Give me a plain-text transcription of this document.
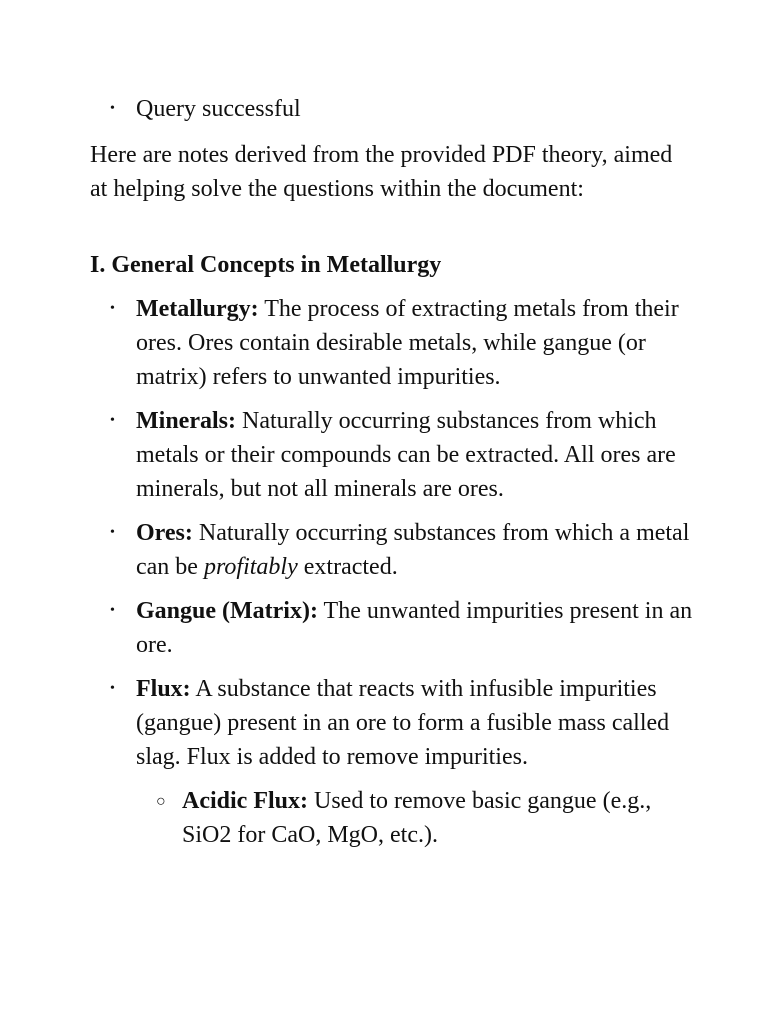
• Query successful

Here are notes derived from the provided PDF theory, aimed at helping solve the questions within the document:

I. General Concepts in Metallurgy
• Metallurgy: The process of extracting metals from their ores. Ores contain desirable metals, while gangue (or matrix) refers to unwanted impurities.
• Minerals: Naturally occurring substances from which metals or their compounds can be extracted. All ores are minerals, but not all minerals are ores.
• Ores: Naturally occurring substances from which a metal can be profitably extracted.
• Gangue (Matrix): The unwanted impurities present in an ore.
• Flux: A substance that reacts with infusible impurities (gangue) present in an ore to form a fusible mass called slag. Flux is added to remove impurities.
○ Acidic Flux: Used to remove basic gangue (e.g., SiO2 for CaO, MgO, etc.).
